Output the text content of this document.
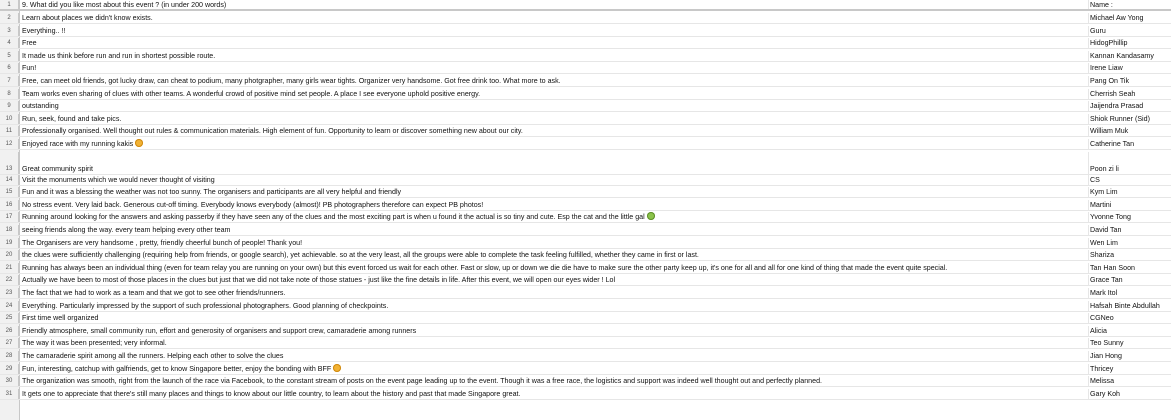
1	9. What did you like most about this event ? (in under 200 words)	Name :
2	Learn about places we didn't know exists.	Michael Aw Yong
3	Everything.. !!	Guru
4	Free	HidogPhillip
5	It made us think before run and run in shortest possible route.	Kannan Kandasamy
6	Fun!	Irene Liaw
7	Free, can meet old friends, got lucky draw, can cheat to podium, many photgrapher, many girls wear tights. Organizer very handsome. Got free drink too. What more to ask.	Pang On Tik
8	Team works even sharing of clues with other teams. A wonderful crowd of positive mind set people. A place I see everyone uphold positive energy.	Cherrish Seah
9	outstanding	Jaijendra Prasad
10	Run, seek, found and take pics.	Shiok Runner (Sid)
11	Professionally organised. Well thought out rules & communication materials. High element of fun. Opportunity to learn or discover something new about our city.	William Muk
12	Enjoyed race with my running kakis	Catherine Tan
13	Great community spirit	Poon zi li
14	Visit the monuments which we would never thought of visiting	CS
15	Fun and it was a blessing the weather was not too sunny. The organisers and participants are all very helpful and friendly	Kym Lim
16	No stress event. Very laid back. Generous cut-off timing. Everybody knows everybody (almost)! PB photographers therefore can expect PB photos!	Martini
17	Running around looking for the answers and asking passerby if they have seen any of the clues and the most exciting part is when u found it the actual is so tiny and cute. Esp the cat and the little gal	Yvonne Tong
18	seeing friends along the way. every team helping every other team	David Tan
19	The Organisers are very handsome , pretty, friendly cheerful bunch of people! Thank you!	Wen Lim
20	the clues were sufficiently challenging (requiring help from friends, or google search), yet achievable. so at the very least, all the groups were able to complete the task feeling fulfilled, whether they came in first or last.	Shariza
21	Running has always been an individual thing (even for team relay you are running on your own) but this event forced us wait for each other. Fast or slow, up or down we die die have to make sure the other party keep up, it's one for all and all for one kind of thing that made the event quite special.	Tan Han Soon
22	Actually we have been to most of those places in the clues but just that we did not take note of those statues - just like the fine details in life. After this event, we will open our eyes wider ! Lol	Grace Tan
23	The fact that we had to work as a team and that we got to see other friends/runners.	Mark Itol
24	Everything. Particularly impressed by the support of such professional photographers. Good planning of checkpoints.	Hafsah Binte Abdullah
25	First time well organized	CGNeo
26	Friendly atmosphere, small community run, effort and generosity of organisers and support crew, camaraderie among runners	Alicia
27	The way it was been presented; very informal.	Teo Sunny
28	The camaraderie spirit among all the runners. Helping each other to solve the clues	Jian Hong
29	Fun, interesting, catchup with galfriends, get to know Singapore better, enjoy the bonding with BFF	Thricey
30	The organization was smooth, right from the launch of the race via Facebook, to the constant stream of posts on the event page leading up to the event. Though it was a free race, the logistics and support was indeed well thought out and perfectly planned.	Melissa
31	It gets one to appreciate that there's still many places and things to know about our little country, to learn about the history and past that made Singapore great.	Gary Koh
